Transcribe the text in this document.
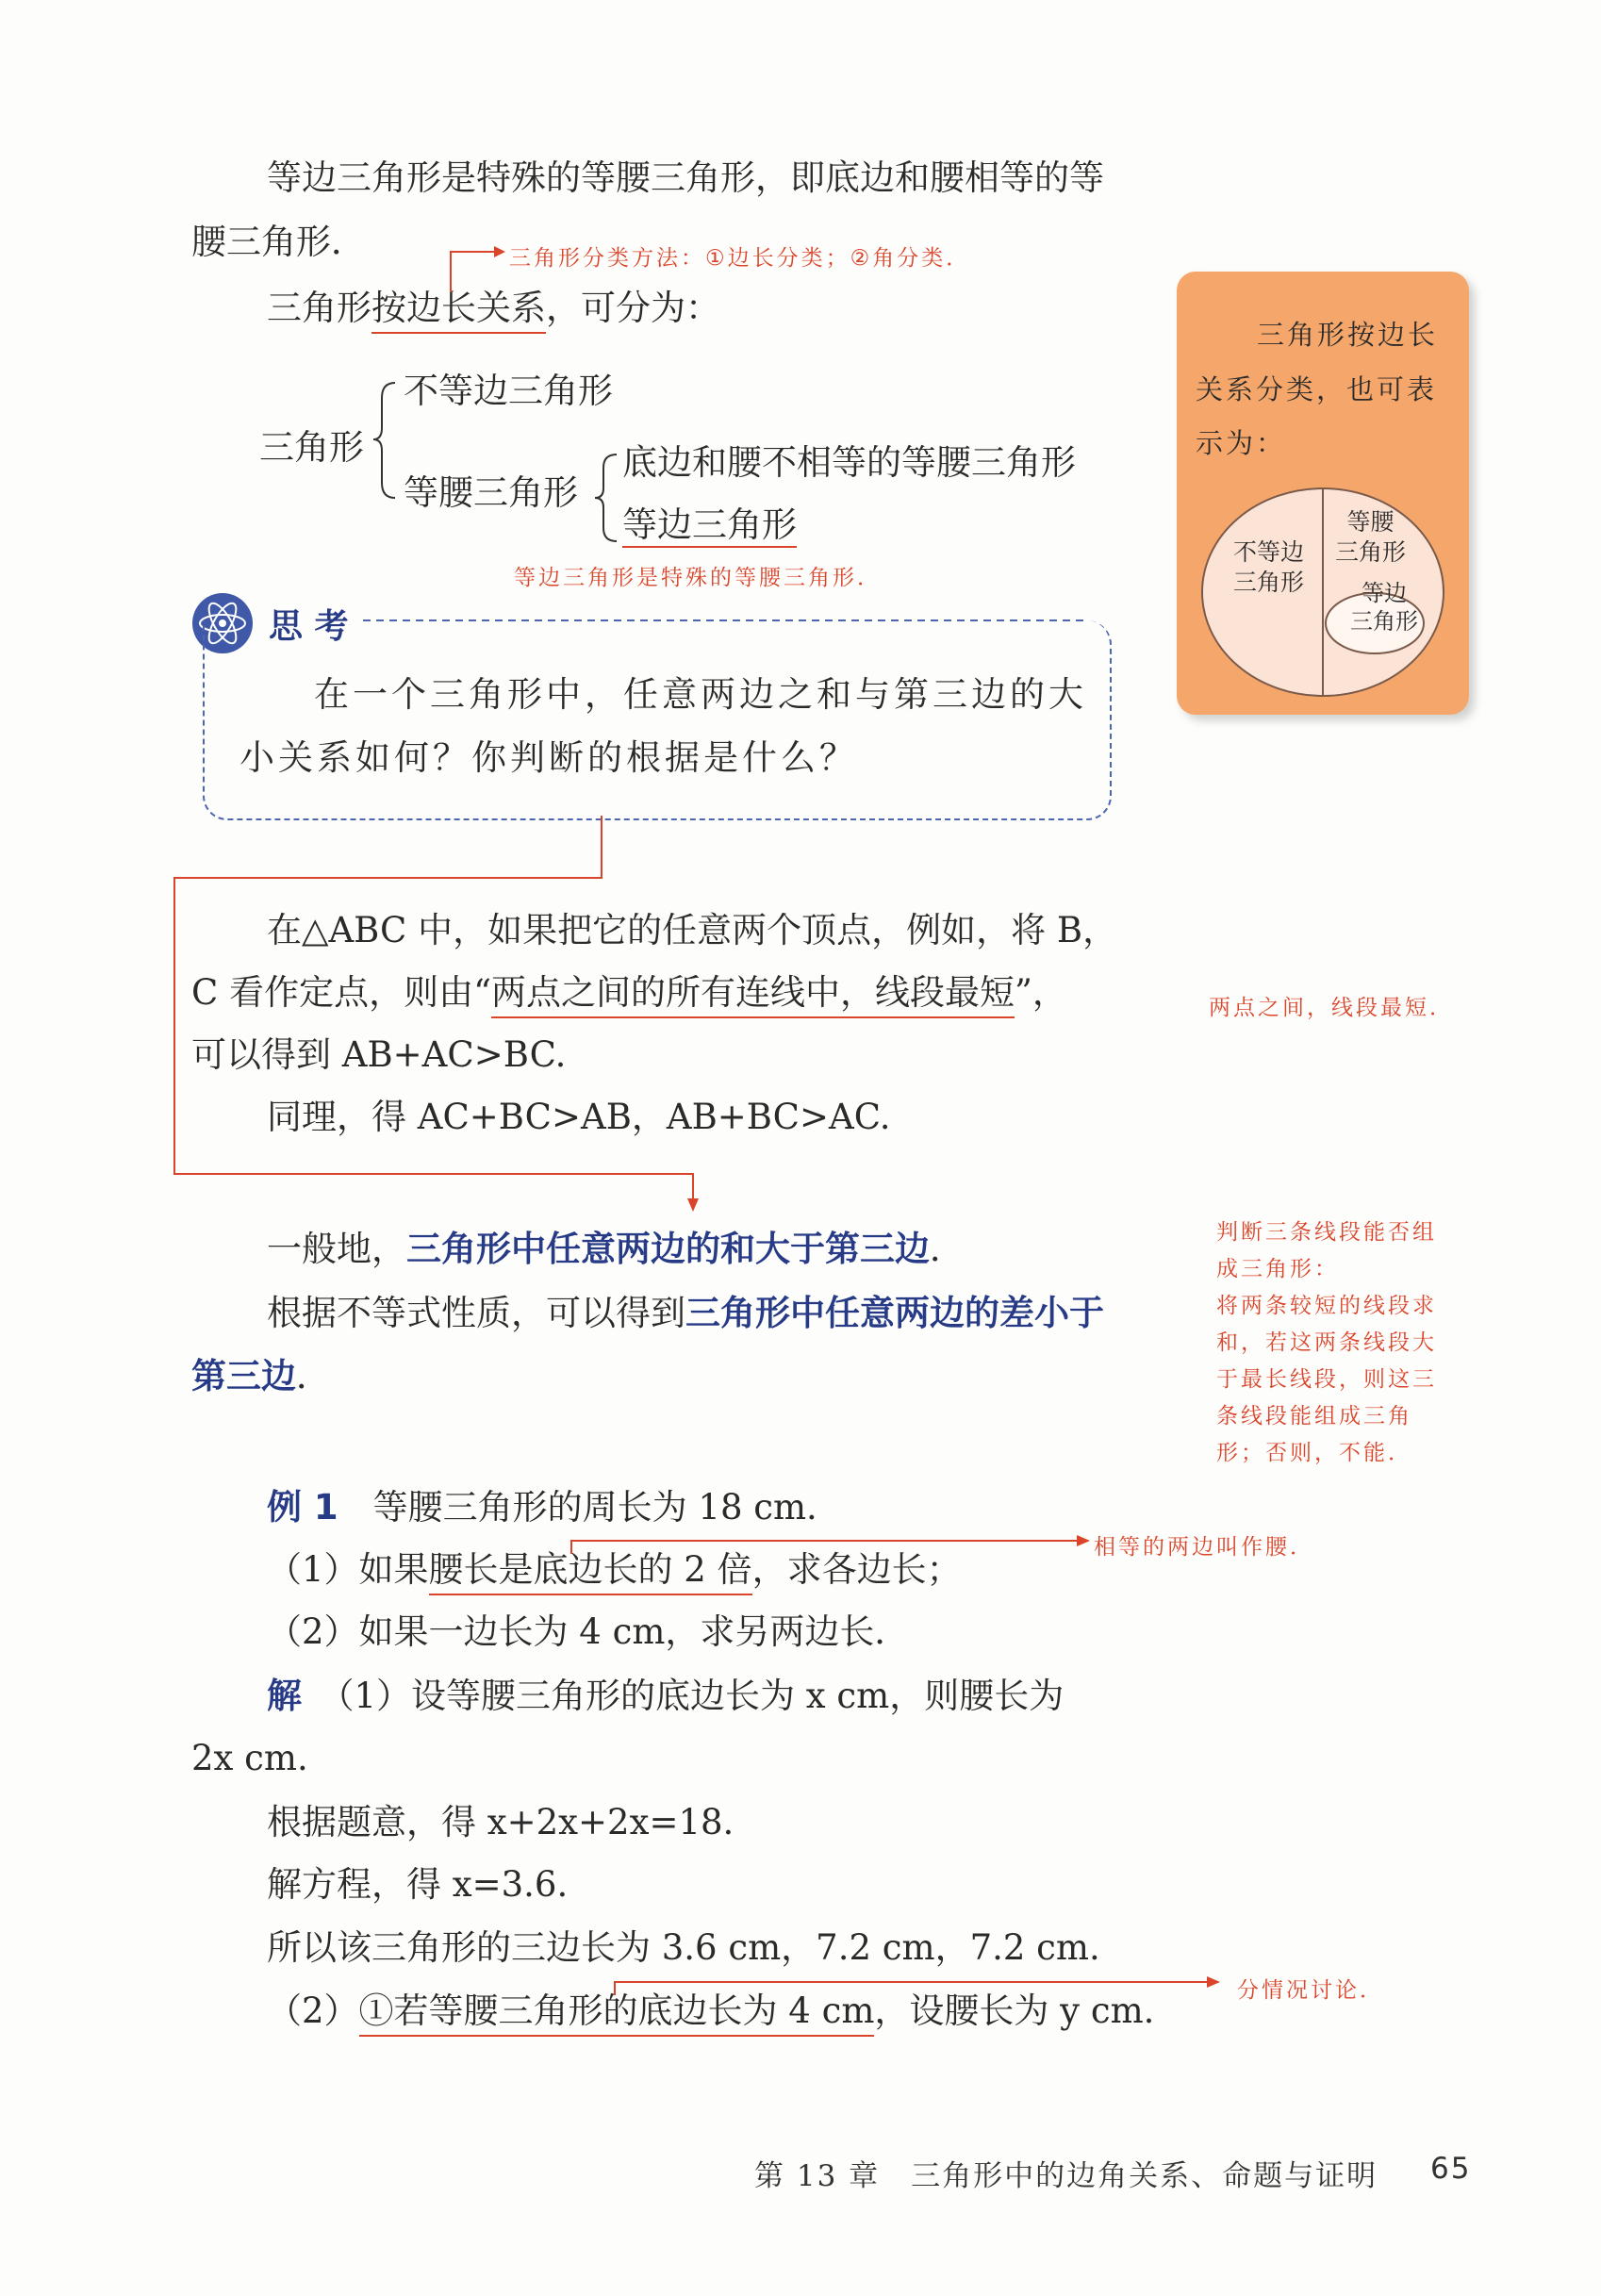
等边三角形是特殊的等腰三角形，即底边和腰相等的等
腰三角形．
三角形按边长关系，可分为：
三角形分类方法：①边长分类；②角分类．
三角形
不等边三角形
等腰三角形
底边和腰不相等的等腰三角形
等边三角形
等边三角形是特殊的等腰三角形．
三角形按边长
关系分类，也可表
示为：
不等边
三角形
等腰
三角形
等边
三角形
思 考
在一个三角形中，任意两边之和与第三边的大
小关系如何？你判断的根据是什么？
在△ABC 中，如果把它的任意两个顶点，例如，将 B，
C 看作定点，则由“两点之间的所有连线中，线段最短”，
可以得到 AB+AC>BC.
同理，得 AC+BC>AB，AB+BC>AC.
两点之间，线段最短．
一般地，三角形中任意两边的和大于第三边．
根据不等式性质，可以得到三角形中任意两边的差小于
第三边．
判断三条线段能否组
成三角形：
将两条较短的线段求
和，若这两条线段大
于最长线段，则这三
条线段能组成三角
形；否则，不能．
例 1　 等腰三角形的周长为 18 cm.
（1）如果腰长是底边长的 2 倍，求各边长；
相等的两边叫作腰．
（2）如果一边长为 4 cm，求另两边长．
解　 （1）设等腰三角形的底边长为 x cm，则腰长为
2x cm.
根据题意，得 x+2x+2x=18.
解方程，得 x=3.6.
所以该三角形的三边长为 3.6 cm，7.2 cm，7.2 cm.
（2）①若等腰三角形的底边长为 4 cm，设腰长为 y cm.	分情况讨论．
第 13 章　三角形中的边角关系、命题与证明 65
